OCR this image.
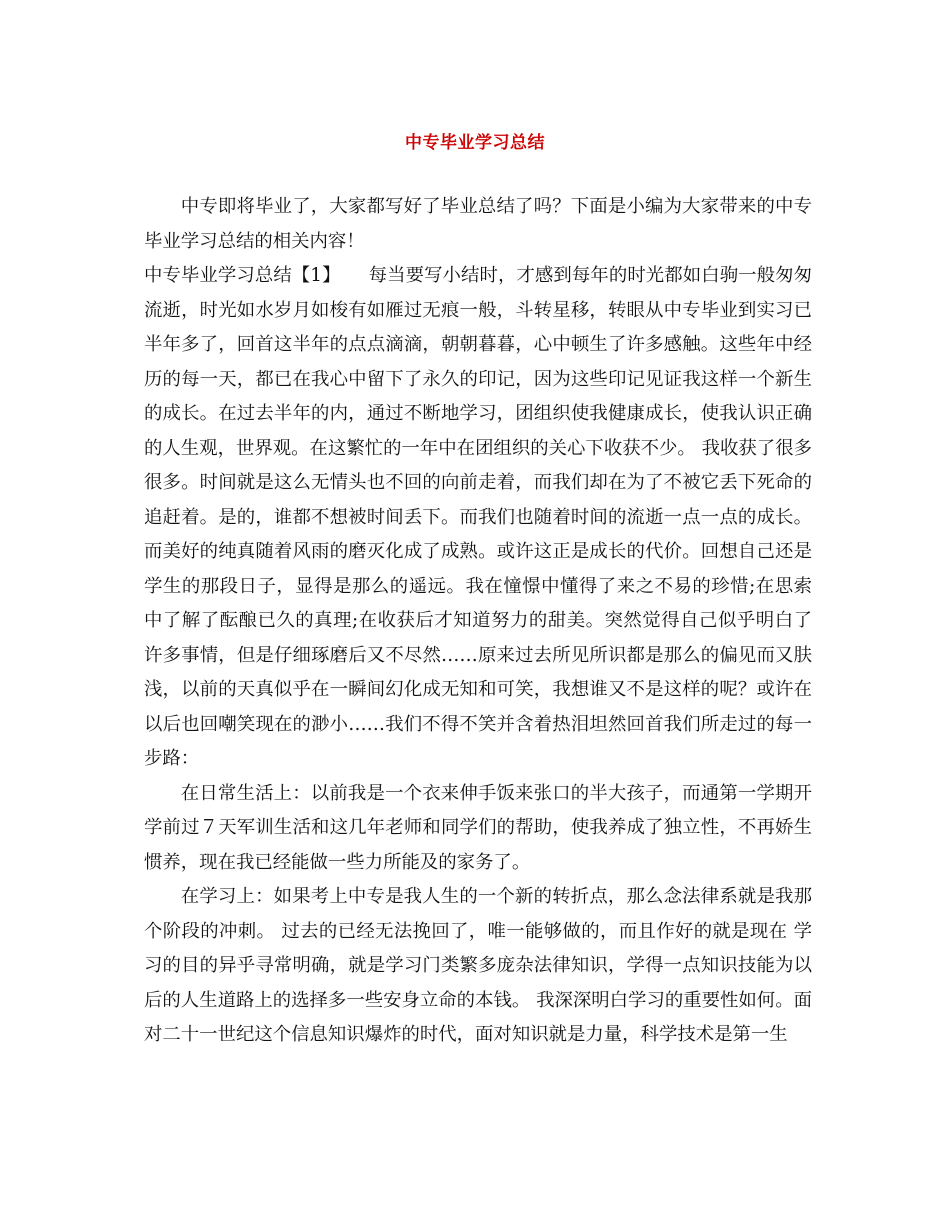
中专毕业学习总结

中专即将毕业了，大家都写好了毕业总结了吗？下面是小编为大家带来的中专毕业学习总结的相关内容！

中专毕业学习总结【1】 每当要写小结时，才感到每年的时光都如白驹一般匆匆流逝，时光如水岁月如梭有如雁过无痕一般，斗转星移，转眼从中专毕业到实习已半年多了，回首这半年的点点滴滴，朝朝暮暮，心中顿生了许多感触。这些年中经历的每一天，都已在我心中留下了永久的印记，因为这些印记见证我这样一个新生的成长。在过去半年的内，通过不断地学习，团组织使我健康成长，使我认识正确的人生观，世界观。在这繁忙的一年中在团组织的关心下收获不少。 我收获了很多很多。时间就是这么无情头也不回的向前走着，而我们却在为了不被它丢下死命的追赶着。是的，谁都不想被时间丢下。而我们也随着时间的流逝一点一点的成长。而美好的纯真随着风雨的磨灭化成了成熟。或许这正是成长的代价。回想自己还是学生的那段日子，显得是那么的遥远。我在憧憬中懂得了来之不易的珍惜;在思索中了解了酝酿已久的真理;在收获后才知道努力的甜美。突然觉得自己似乎明白了许多事情，但是仔细琢磨后又不尽然……原来过去所见所识都是那么的偏见而又肤浅，以前的天真似乎在一瞬间幻化成无知和可笑，我想谁又不是这样的呢？或许在以后也回嘲笑现在的渺小……我们不得不笑并含着热泪坦然回首我们所走过的每一步路：

在日常生活上：以前我是一个衣来伸手饭来张口的半大孩子，而通第一学期开学前过７天军训生活和这几年老师和同学们的帮助，使我养成了独立性，不再娇生惯养，现在我已经能做一些力所能及的家务了。

在学习上：如果考上中专是我人生的一个新的转折点，那么念法律系就是我那个阶段的冲刺。 过去的已经无法挽回了，唯一能够做的，而且作好的就是现在 学习的目的异乎寻常明确，就是学习门类繁多庞杂法律知识，学得一点知识技能为以后的人生道路上的选择多一些安身立命的本钱。 我深深明白学习的重要性如何。面对二十一世纪这个信息知识爆炸的时代，面对知识就是力量，科学技术是第一生
